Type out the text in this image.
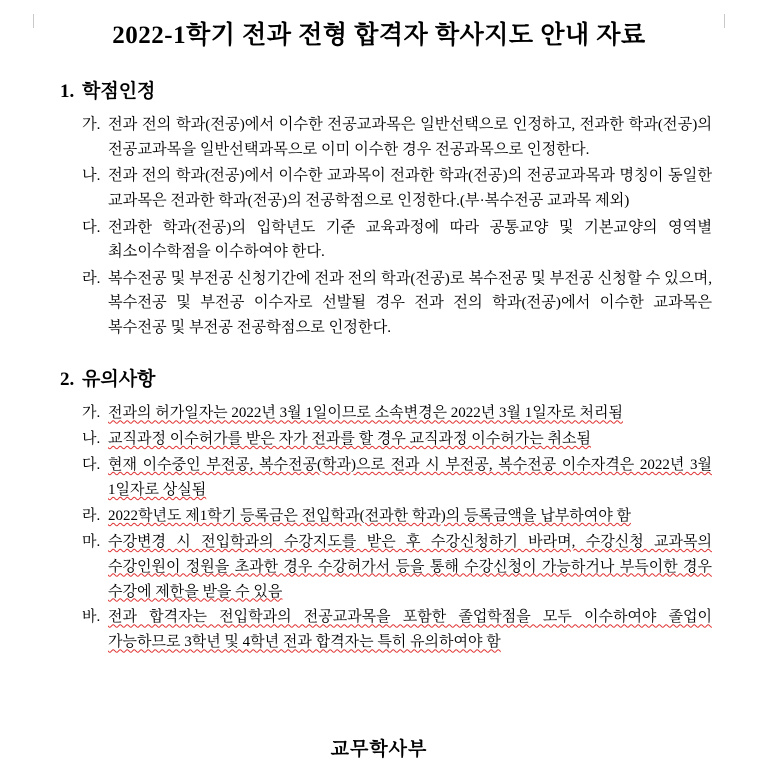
2022-1학기 전과 전형 합격자 학사지도 안내 자료
1. 학점인정
가. 전과 전의 학과(전공)에서 이수한 전공교과목은 일반선택으로 인정하고, 전과한 학과(전공)의 전공교과목을 일반선택과목으로 이미 이수한 경우 전공과목으로 인정한다.
나. 전과 전의 학과(전공)에서 이수한 교과목이 전과한 학과(전공)의 전공교과목과 명칭이 동일한 교과목은 전과한 학과(전공)의 전공학점으로 인정한다.(부·복수전공 교과목 제외)
다. 전과한 학과(전공)의 입학년도 기준 교육과정에 따라 공통교양 및 기본교양의 영역별 최소이수학점을 이수하여야 한다.
라. 복수전공 및 부전공 신청기간에 전과 전의 학과(전공)로 복수전공 및 부전공 신청할 수 있으며, 복수전공 및 부전공 이수자로 선발될 경우 전과 전의 학과(전공)에서 이수한 교과목은 복수전공 및 부전공 전공학점으로 인정한다.
2. 유의사항
가. 전과의 허가일자는 2022년 3월 1일이므로 소속변경은 2022년 3월 1일자로 처리됨
나. 교직과정 이수허가를 받은 자가 전과를 할 경우 교직과정 이수허가는 취소됨
다. 현재 이수중인 부전공, 복수전공(학과)으로 전과 시 부전공, 복수전공 이수자격은 2022년 3월 1일자로 상실됨
라. 2022학년도 제1학기 등록금은 전입학과(전과한 학과)의 등록금액을 납부하여야 함
마. 수강변경 시 전입학과의 수강지도를 받은 후 수강신청하기 바라며, 수강신청 교과목의 수강인원이 정원을 초과한 경우 수강허가서 등을 통해 수강신청이 가능하거나 부득이한 경우 수강에 제한을 받을 수 있음
바. 전과 합격자는 전입학과의 전공교과목을 포함한 졸업학점을 모두 이수하여야 졸업이 가능하므로 3학년 및 4학년 전과 합격자는 특히 유의하여야 함
교무학사부
